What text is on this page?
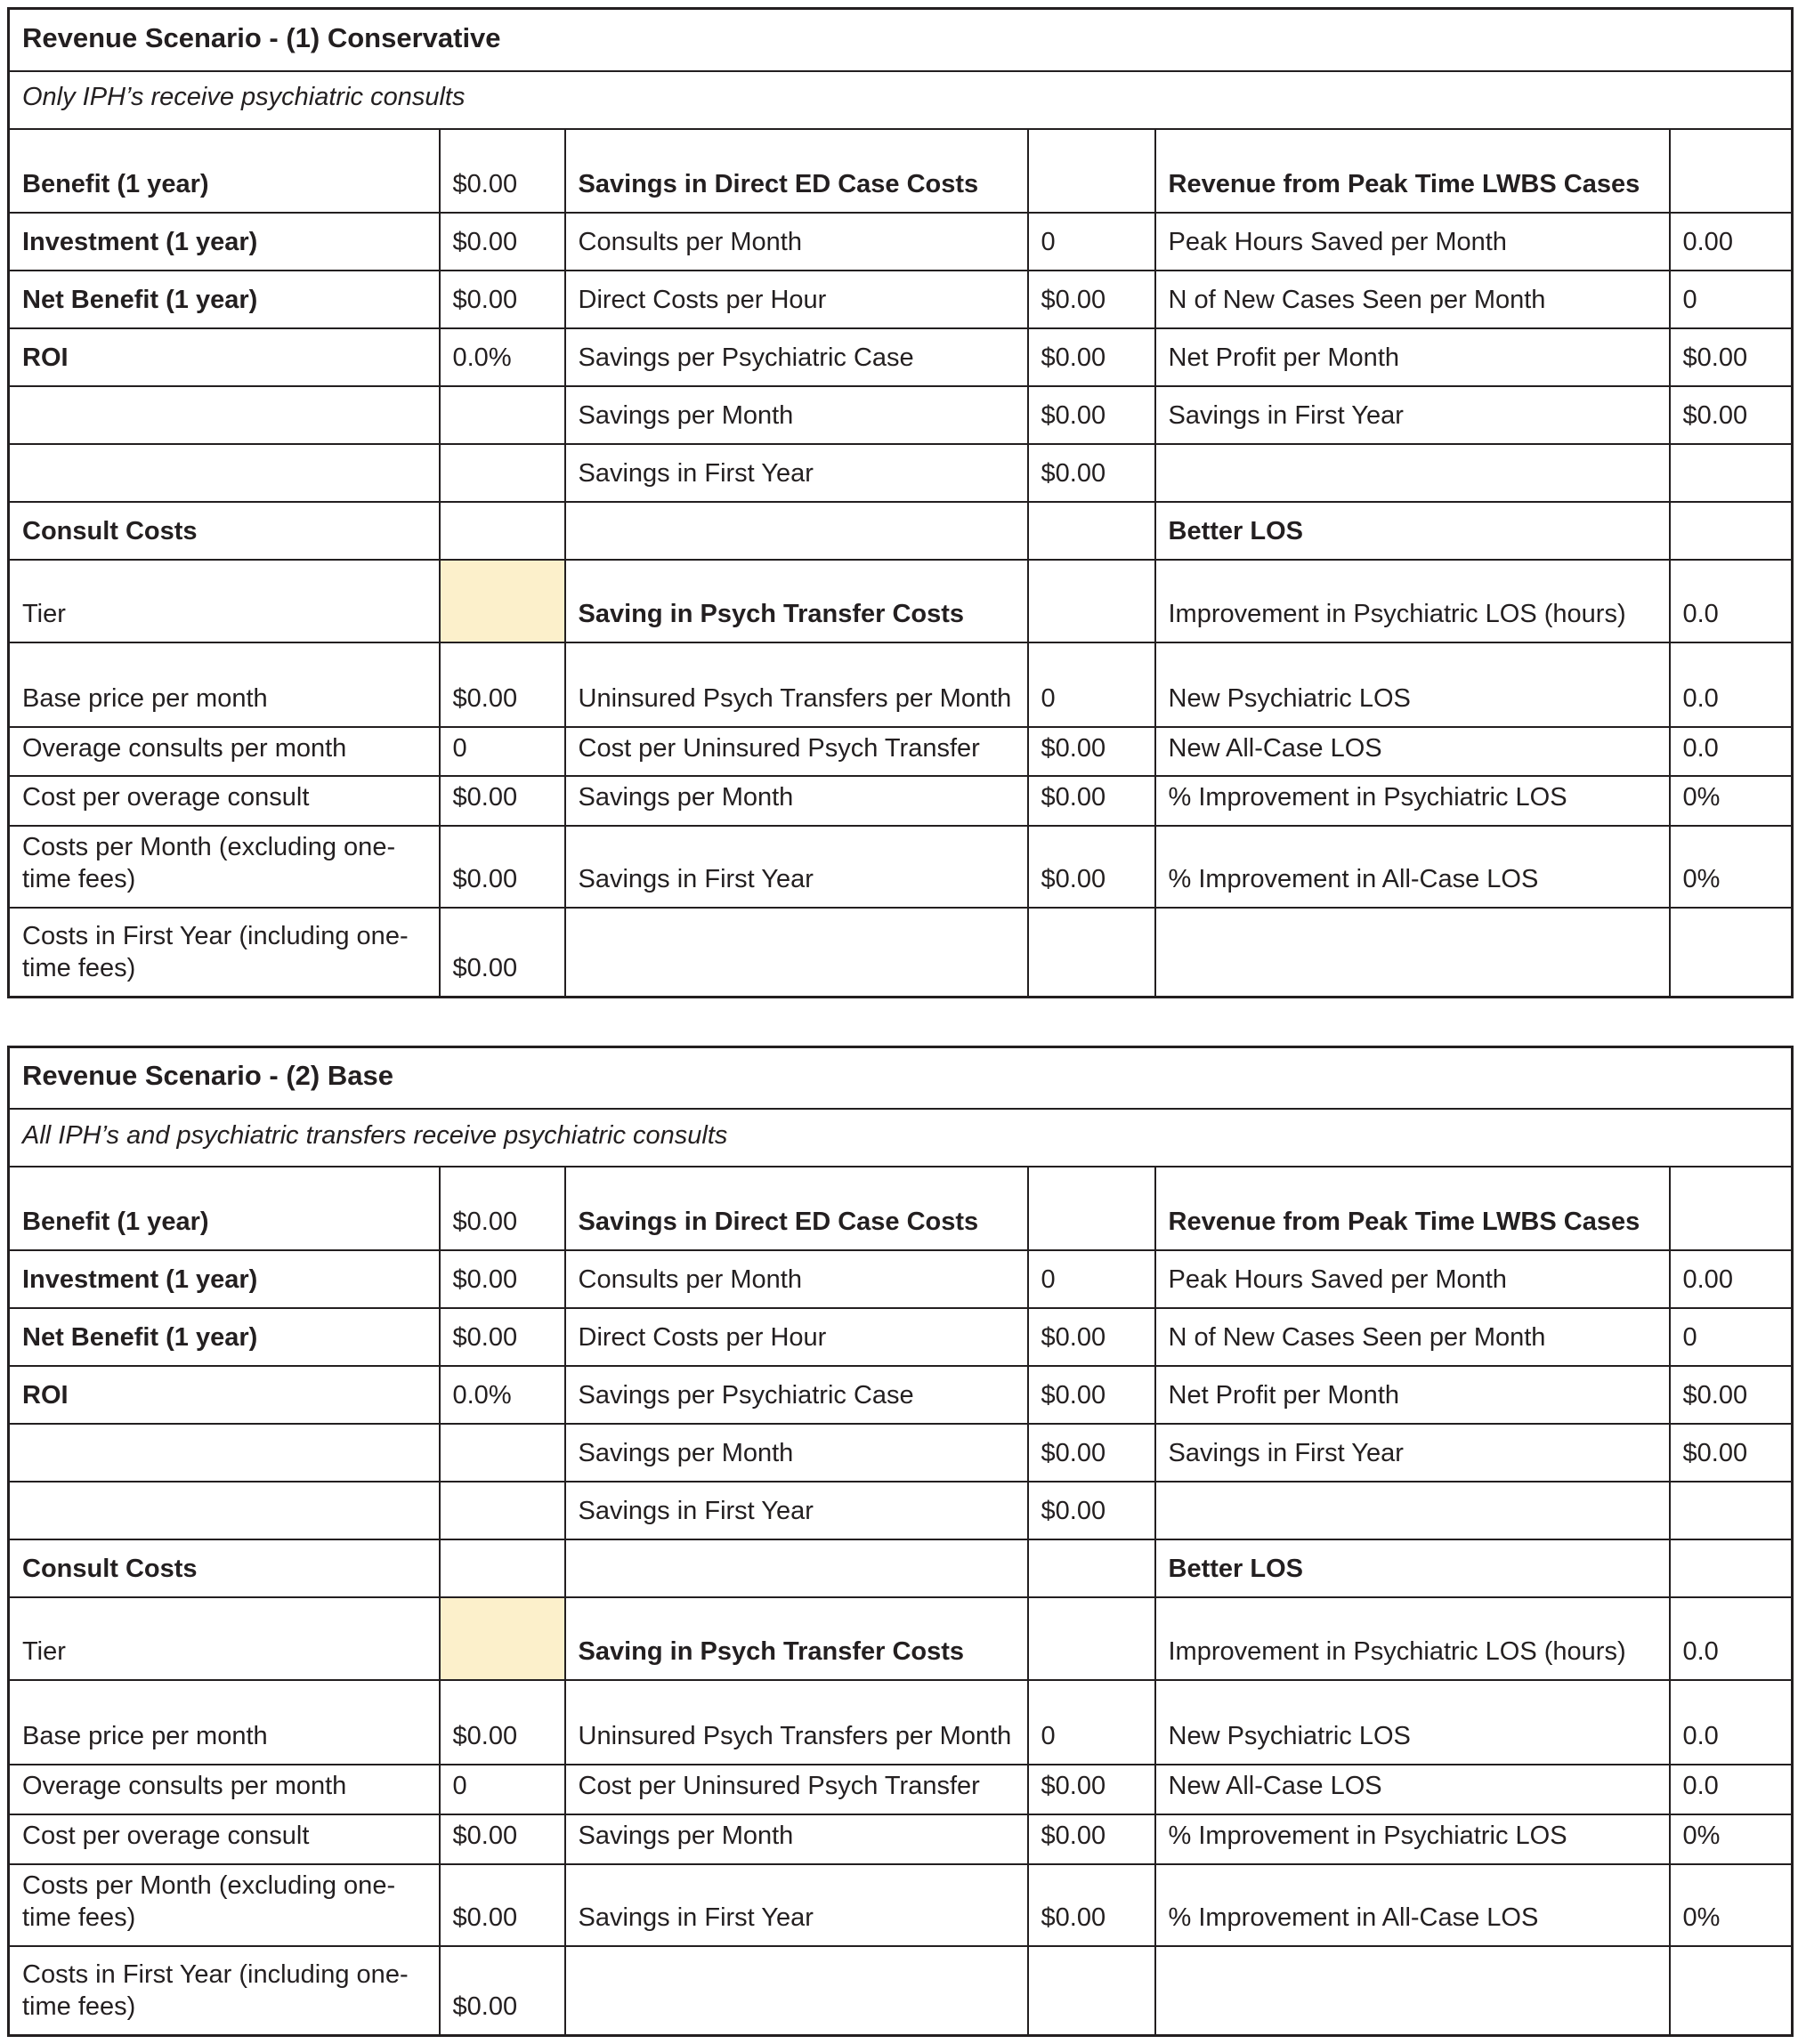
Revenue Scenario - (1) Conservative					
Only IPH’s receive psychiatric consults					
Benefit (1 year)	$0.00	Savings in Direct ED Case Costs		Revenue from Peak Time LWBS Cases	
Investment (1 year)	$0.00	Consults per Month	0	Peak Hours Saved per Month	0.00
Net Benefit (1 year)	$0.00	Direct Costs per Hour	$0.00	N of New Cases Seen per Month	0
ROI	0.0%	Savings per Psychiatric Case	$0.00	Net Profit per Month	$0.00
		Savings per Month	$0.00	Savings in First Year	$0.00
		Savings in First Year	$0.00		
Consult Costs				Better LOS	
Tier		Saving in Psych Transfer Costs		Improvement in Psychiatric LOS (hours)	0.0
Base price per month	$0.00	Uninsured Psych Transfers per Month	0	New Psychiatric LOS	0.0
Overage consults per month	0	Cost per Uninsured Psych Transfer	$0.00	New All-Case LOS	0.0
Cost per overage consult	$0.00	Savings per Month	$0.00	% Improvement in Psychiatric LOS	0%
Costs per Month (excluding one-time fees)	$0.00	Savings in First Year	$0.00	% Improvement in All-Case LOS	0%
Costs in First Year (including one-time fees)	$0.00				
Revenue Scenario - (2) Base					
All IPH’s and psychiatric transfers receive psychiatric consults					
Benefit (1 year)	$0.00	Savings in Direct ED Case Costs		Revenue from Peak Time LWBS Cases	
Investment (1 year)	$0.00	Consults per Month	0	Peak Hours Saved per Month	0.00
Net Benefit (1 year)	$0.00	Direct Costs per Hour	$0.00	N of New Cases Seen per Month	0
ROI	0.0%	Savings per Psychiatric Case	$0.00	Net Profit per Month	$0.00
		Savings per Month	$0.00	Savings in First Year	$0.00
		Savings in First Year	$0.00		
Consult Costs				Better LOS	
Tier		Saving in Psych Transfer Costs		Improvement in Psychiatric LOS (hours)	0.0
Base price per month	$0.00	Uninsured Psych Transfers per Month	0	New Psychiatric LOS	0.0
Overage consults per month	0	Cost per Uninsured Psych Transfer	$0.00	New All-Case LOS	0.0
Cost per overage consult	$0.00	Savings per Month	$0.00	% Improvement in Psychiatric LOS	0%
Costs per Month (excluding one-time fees)	$0.00	Savings in First Year	$0.00	% Improvement in All-Case LOS	0%
Costs in First Year (including one-time fees)	$0.00				
